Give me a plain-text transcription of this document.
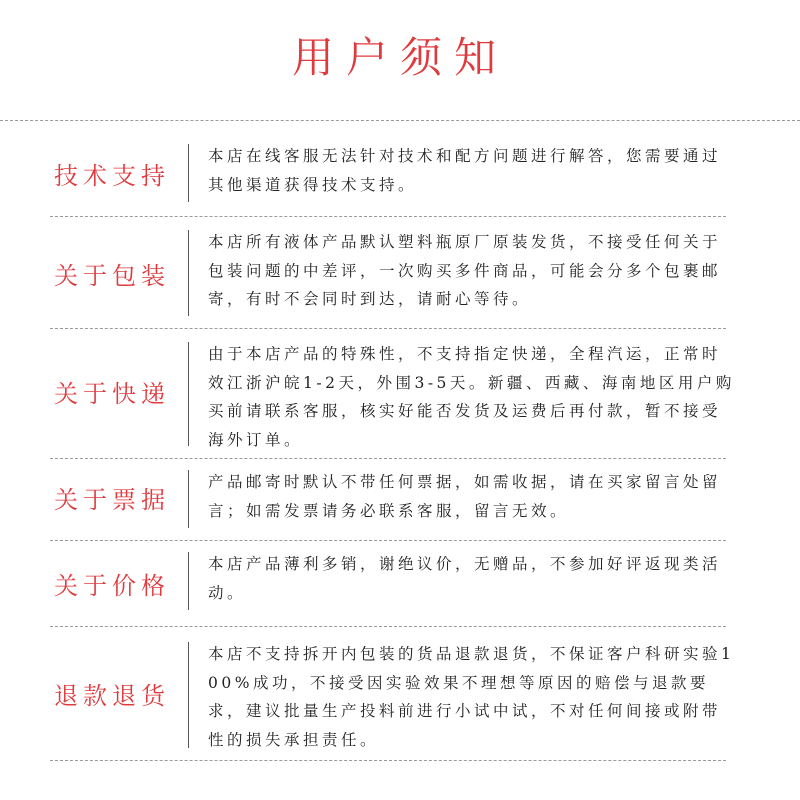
用户须知
技术支持
本店在线客服无法针对技术和配方问题进行解答，您需要通过其他渠道获得技术支持。
关于包装
本店所有液体产品默认塑料瓶原厂原装发货，不接受任何关于包装问题的中差评，一次购买多件商品，可能会分多个包裹邮寄，有时不会同时到达，请耐心等待。
关于快递
由于本店产品的特殊性，不支持指定快递，全程汽运，正常时效江浙沪皖1-2天，外围3-5天。新疆、西藏、海南地区用户购买前请联系客服，核实好能否发货及运费后再付款，暂不接受海外订单。
关于票据
产品邮寄时默认不带任何票据，如需收据，请在买家留言处留言；如需发票请务必联系客服，留言无效。
关于价格
本店产品薄利多销，谢绝议价，无赠品，不参加好评返现类活动。
退款退货
本店不支持拆开内包装的货品退款退货，不保证客户科研实验100%成功，不接受因实验效果不理想等原因的赔偿与退款要求，建议批量生产投料前进行小试中试，不对任何间接或附带性的损失承担责任。
